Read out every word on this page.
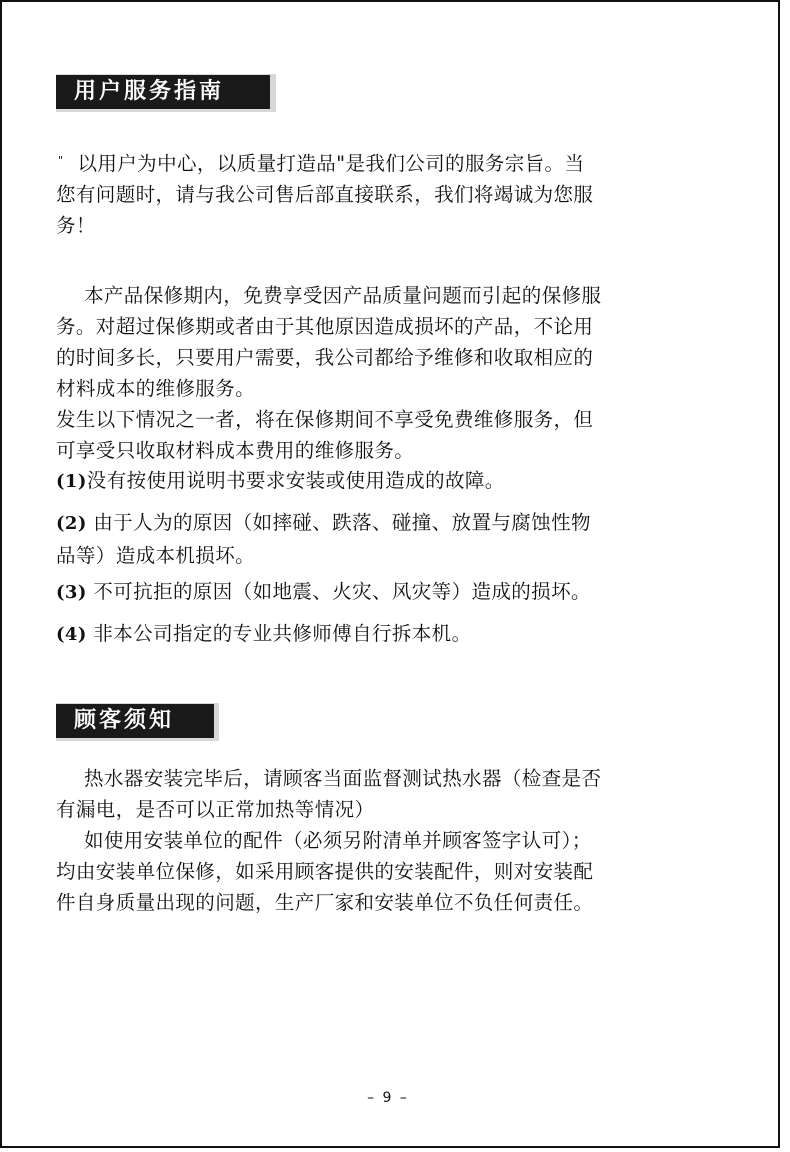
用户服务指南
" 以用户为中心，以质量打造品"是我们公司的服务宗旨。当
您有问题时，请与我公司售后部直接联系，我们将竭诚为您服
务！
本产品保修期内，免费享受因产品质量问题而引起的保修服
务。对超过保修期或者由于其他原因造成损坏的产品，不论用
的时间多长，只要用户需要，我公司都给予维修和收取相应的
材料成本的维修服务。
发生以下情况之一者，将在保修期间不享受免费维修服务，但
可享受只收取材料成本费用的维修服务。
(1)没有按使用说明书要求安装或使用造成的故障。
(2) 由于人为的原因（如摔碰、跌落、碰撞、放置与腐蚀性物
品等）造成本机损坏。
(3) 不可抗拒的原因（如地震、火灾、风灾等）造成的损坏。
(4) 非本公司指定的专业共修师傅自行拆本机。
顾客须知
热水器安装完毕后，请顾客当面监督测试热水器（检查是否
有漏电，是否可以正常加热等情况）
如使用安装单位的配件（必须另附清单并顾客签字认可）；
均由安装单位保修，如采用顾客提供的安装配件，则对安装配
件自身质量出现的问题，生产厂家和安装单位不负任何责任。
– 9 –
